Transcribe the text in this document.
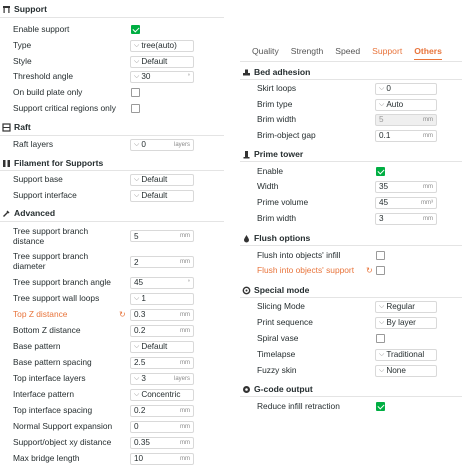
Support
Enable support
Type	⌵ tree(auto)
Style	⌵ Default
Threshold angle	⌵ 30	°
On build plate only
Support critical regions only
Raft
Raft layers	⌵ 0	layers
Filament for Supports
Support base	⌵ Default
Support interface	⌵ Default
Advanced
Tree support branch
distance	5	mm
Tree support branch
diameter	2	mm
Tree support branch angle	45	°
Tree support wall loops	⌵ 1
Top Z distance	↻ 0.3	mm
Bottom Z distance	0.2	mm
Base pattern	⌵ Default
Base pattern spacing	2.5	mm
Top interface layers	⌵ 3	layers
Interface pattern	⌵ Concentric
Top interface spacing	0.2	mm
Normal Support expansion	0	mm
Support/object xy distance	0.35	mm
Max bridge length	10	mm
Quality Strength Speed Support Others
Bed adhesion
Skirt loops	⌵ 0
Brim type	⌵ Auto
Brim width	5	mm
Brim-object gap	0.1	mm
Prime tower
Enable
Width	35	mm
Prime volume	45	mm³
Brim width	3	mm
Flush options
Flush into objects' infill
Flush into objects' support ↻
Special mode
Slicing Mode	⌵ Regular
Print sequence	⌵ By layer
Spiral vase
Timelapse	⌵ Traditional
Fuzzy skin	⌵ None
G-code output
Reduce infill retraction
